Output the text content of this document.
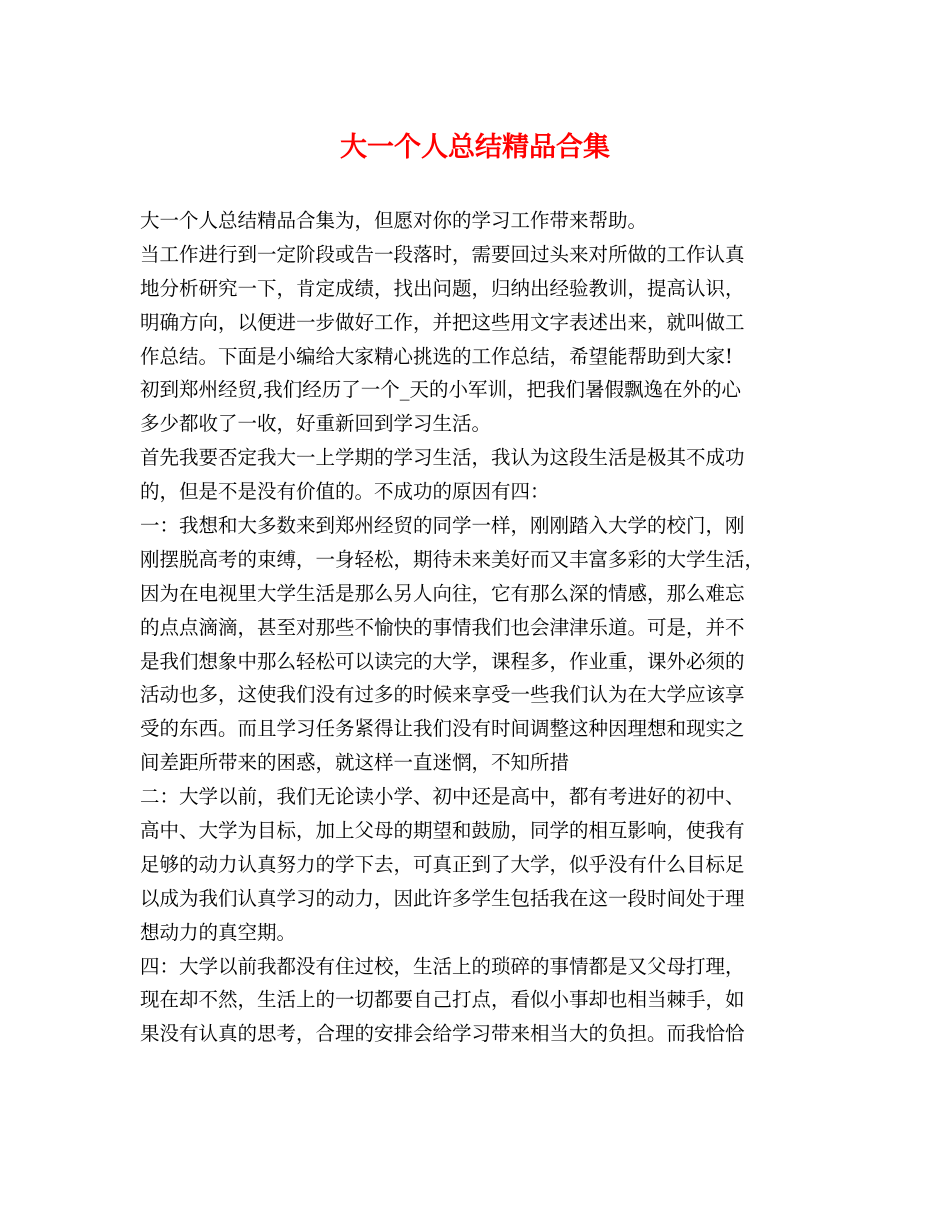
大一个人总结精品合集
大一个人总结精品合集为，但愿对你的学习工作带来帮助。
当工作进行到一定阶段或告一段落时，需要回过头来对所做的工作认真
地分析研究一下，肯定成绩，找出问题，归纳出经验教训，提高认识，
明确方向，以便进一步做好工作，并把这些用文字表述出来，就叫做工
作总结。下面是小编给大家精心挑选的工作总结，希望能帮助到大家!
初到郑州经贸,我们经历了一个_天的小军训，把我们暑假飘逸在外的心
多少都收了一收，好重新回到学习生活。
首先我要否定我大一上学期的学习生活，我认为这段生活是极其不成功
的，但是不是没有价值的。不成功的原因有四：
一：我想和大多数来到郑州经贸的同学一样，刚刚踏入大学的校门，刚
刚摆脱高考的束缚，一身轻松，期待未来美好而又丰富多彩的大学生活，
因为在电视里大学生活是那么另人向往，它有那么深的情感，那么难忘
的点点滴滴，甚至对那些不愉快的事情我们也会津津乐道。可是，并不
是我们想象中那么轻松可以读完的大学，课程多，作业重，课外必须的
活动也多，这使我们没有过多的时候来享受一些我们认为在大学应该享
受的东西。而且学习任务紧得让我们没有时间调整这种因理想和现实之
间差距所带来的困惑，就这样一直迷惘，不知所措
二：大学以前，我们无论读小学、初中还是高中，都有考进好的初中、
高中、大学为目标，加上父母的期望和鼓励，同学的相互影响，使我有
足够的动力认真努力的学下去，可真正到了大学，似乎没有什么目标足
以成为我们认真学习的动力，因此许多学生包括我在这一段时间处于理
想动力的真空期。
四：大学以前我都没有住过校，生活上的琐碎的事情都是又父母打理，
现在却不然，生活上的一切都要自己打点，看似小事却也相当棘手，如
果没有认真的思考，合理的安排会给学习带来相当大的负担。而我恰恰
